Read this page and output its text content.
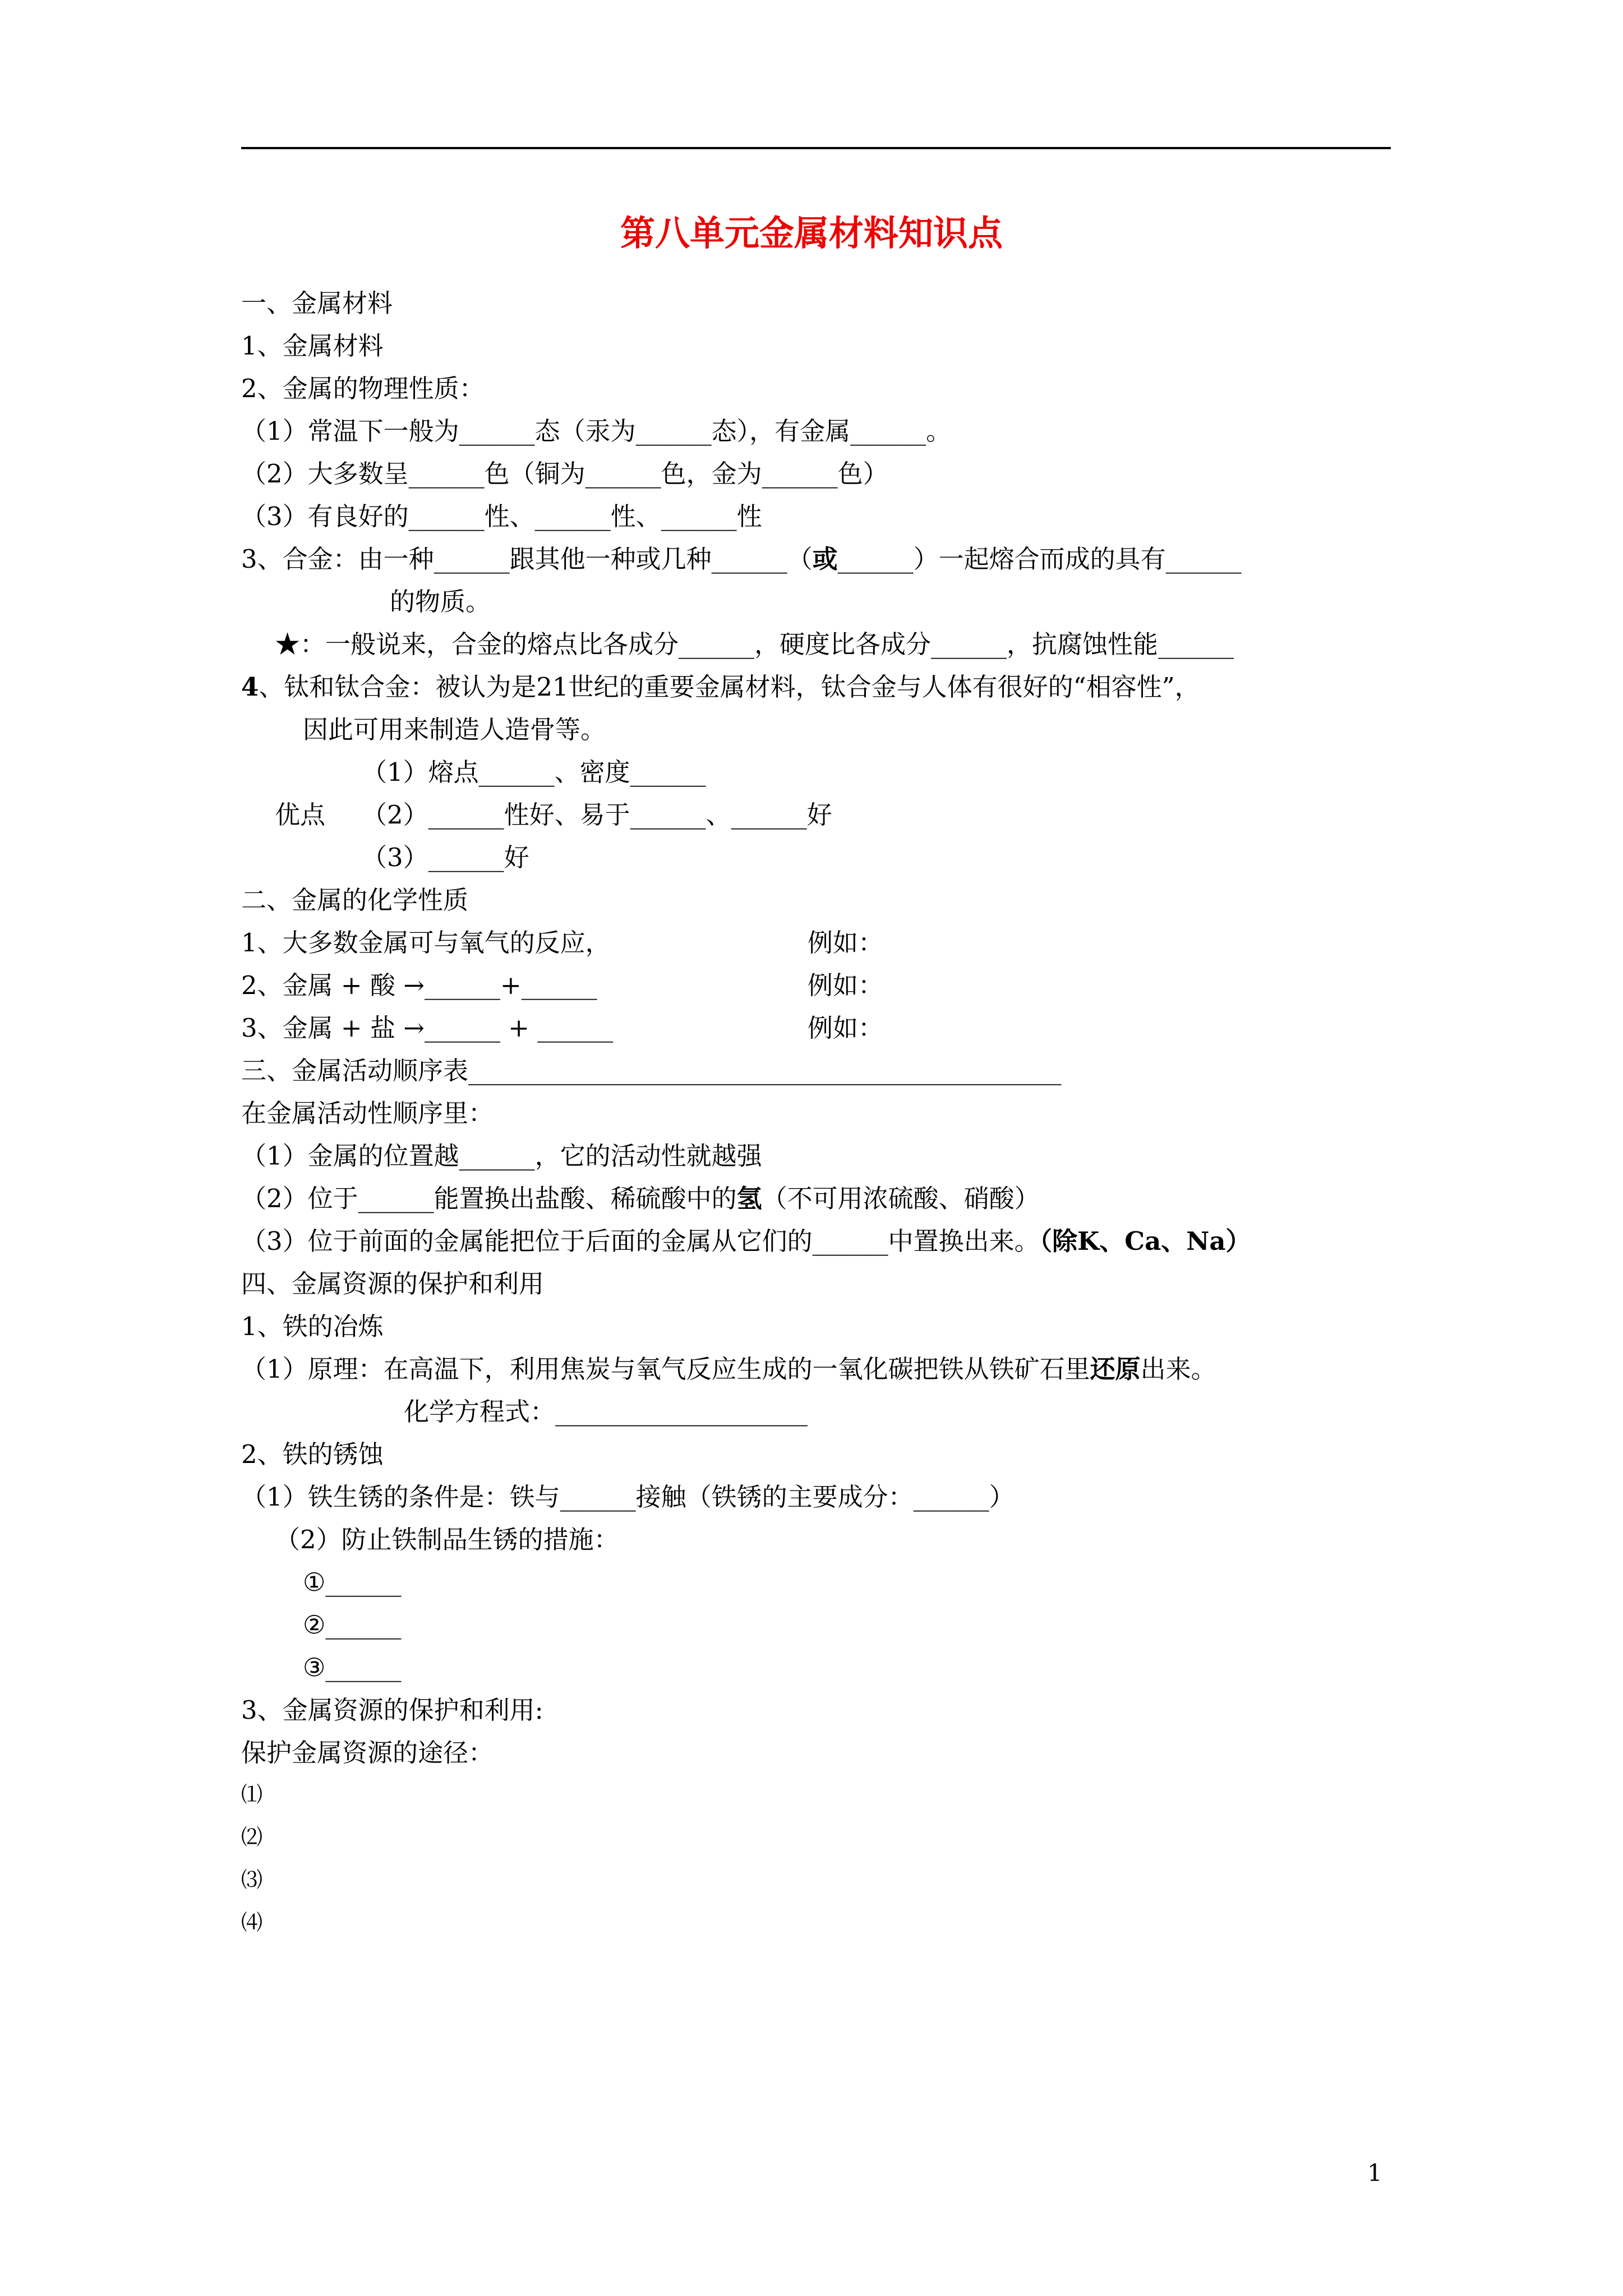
第八单元金属材料知识点
一、金属材料
1、金属材料
2、金属的物理性质：
（1）常温下一般为______态（汞为______态），有金属______。
（2）大多数呈______色（铜为______色，金为______色）
（3）有良好的______性、______性、______性
3、合金：由一种______跟其他一种或几种______（或______）一起熔合而成的具有______
的物质。
★：一般说来，合金的熔点比各成分______，硬度比各成分______，抗腐蚀性能______
4、钛和钛合金：被认为是21世纪的重要金属材料，钛合金与人体有很好的“相容性”，
因此可用来制造人造骨等。
（1）熔点______、密度______
优点 （2）______性好、易于______、______好
（3）______好
二、金属的化学性质
1、大多数金属可与氧气的反应，	例如：
2、金属 + 酸 →______+______	例如：
3、金属 + 盐 →______ + ______	例如：
三、金属活动顺序表_______________________________________________
在金属活动性顺序里：
（1）金属的位置越______，它的活动性就越强
（2）位于______能置换出盐酸、稀硫酸中的氢（不可用浓硫酸、硝酸）
（3）位于前面的金属能把位于后面的金属从它们的______中置换出来。（除K、Ca、Na）
四、金属资源的保护和利用
1、铁的冶炼
（1）原理：在高温下，利用焦炭与氧气反应生成的一氧化碳把铁从铁矿石里还原出来。
化学方程式：____________________
2、铁的锈蚀
（1）铁生锈的条件是：铁与______接触（铁锈的主要成分：______）
（2）防止铁制品生锈的措施：
①______
②______
③______
3、金属资源的保护和利用:
保护金属资源的途径：
⑴
⑵
⑶
⑷
1
